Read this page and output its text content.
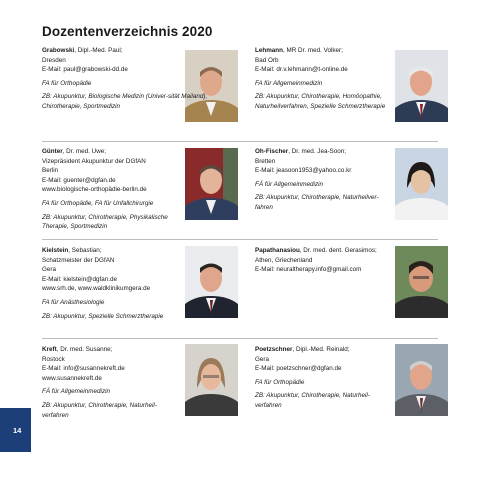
Dozentenverzeichnis 2020
Grabowski, Dipl.-Med. Paul;
Dresden
E-Mail: paul@grabowski-dd.de
FA für Orthopädie
ZB: Akupunktur, Biologische Medizin (Univer-sität Mailand), Chirotherapie, Sportmedizin
Lehmann, MR Dr. med. Volker;
Bad Orb
E-Mail: dr.v.lehmann@t-online.de
FA für Allgemeinmedizin
ZB: Akupunktur, Chirotherapie, Homöopathie, Naturheilverfahren, Spezielle Schmerztherapie
Günter, Dr. med. Uwe;
Vizepräsident Akupunktur der DGfAN
Berlin
E-Mail: guenter@dgfan.de
www.biologische-orthopädie-berlin.de
FA für Orthopädie, FA für Unfallchirurgie
ZB: Akupunktur, Chirotherapie, Physikalische Therapie, Sportmedizin
Oh-Fischer, Dr. med. Jea-Soon;
Bretten
E-Mail: jeasoon1953@yahoo.co.kr
FÄ für Allgemeinmedizin
ZB: Akupunktur, Chirotherapie, Naturheilver-fahren
Kielstein, Sebastian;
Schatzmeister der DGfAN
Gera
E-Mail: kielstein@dgfan.de
www.srh.de, www.waldklinikumgera.de
FA für Anästhesiologie
ZB: Akupunktur, Spezielle Schmerztherapie
Papathanasiou, Dr. med. dent. Gerasimos;
Athen, Griechenland
E-Mail: neuraltherapy.info@gmail.com
Kreft, Dr. med. Susanne;
Rostock
E-Mail: info@susannekreft.de
www.susannekreft.de
FÄ für Allgemeinmedizin
ZB: Akupunktur, Chirotherapie, Naturheil-verfahren
Poetzschner, Dipl.-Med. Reinald;
Gera
E-Mail: poetzschner@dgfan.de
FA für Orthopädie
ZB: Akupunktur, Chirotherapie, Naturheil-verfahren
14
